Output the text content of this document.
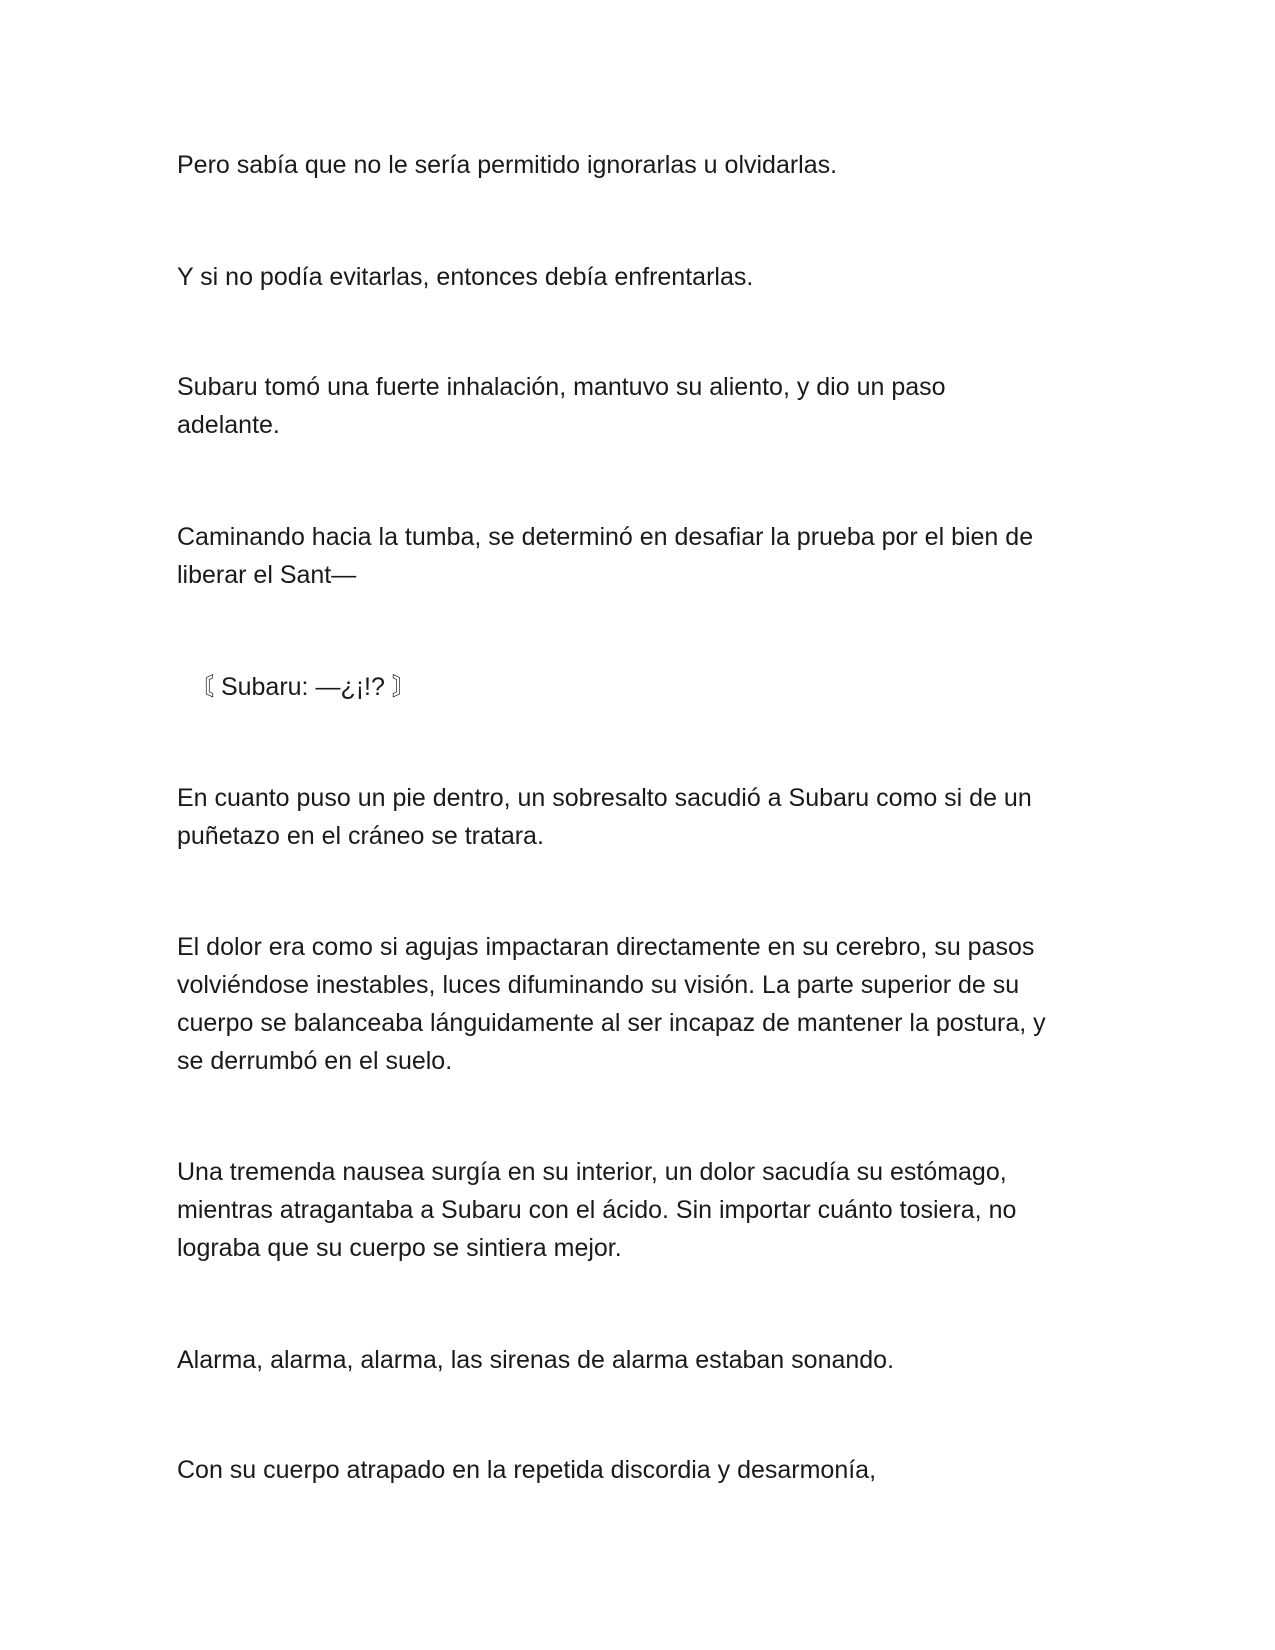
Pero sabía que no le sería permitido ignorarlas u olvidarlas.

Y si no podía evitarlas, entonces debía enfrentarlas.

Subaru tomó una fuerte inhalación, mantuvo su aliento, y dio un paso
adelante.

Caminando hacia la tumba, se determinó en desafiar la prueba por el bien de
liberar el Sant—

〘 Subaru: —¿¡!? 〙

En cuanto puso un pie dentro, un sobresalto sacudió a Subaru como si de un
puñetazo en el cráneo se tratara.

El dolor era como si agujas impactaran directamente en su cerebro, su pasos
volviéndose inestables, luces difuminando su visión. La parte superior de su
cuerpo se balanceaba lánguidamente al ser incapaz de mantener la postura, y
se derrumbó en el suelo.

Una tremenda nausea surgía en su interior, un dolor sacudía su estómago,
mientras atragantaba a Subaru con el ácido. Sin importar cuánto tosiera, no
lograba que su cuerpo se sintiera mejor.

Alarma, alarma, alarma, las sirenas de alarma estaban sonando.

Con su cuerpo atrapado en la repetida discordia y desarmonía,
